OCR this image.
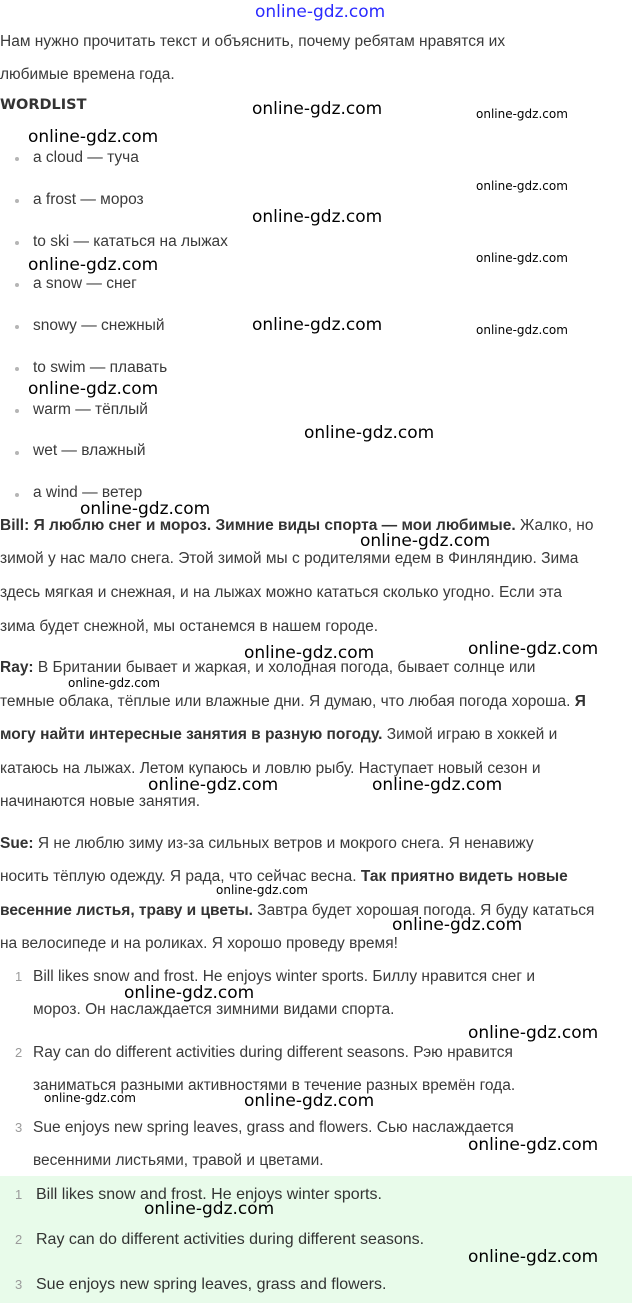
online-gdz.com
Нам нужно прочитать текст и объяснить, почему ребятам нравятся их
любимые времена года.
WORDLIST
a cloud — туча
a frost — мороз
to ski — кататься на лыжах
a snow — снег
snowy — снежный
to swim — плавать
warm — тёплый
wet — влажный
a wind — ветер
Bill: Я люблю снег и мороз. Зимние виды спорта — мои любимые. Жалко, но
зимой у нас мало снега. Этой зимой мы с родителями едем в Финляндию. Зима
здесь мягкая и снежная, и на лыжах можно кататься сколько угодно. Если эта
зима будет снежной, мы останемся в нашем городе.
Ray: В Британии бывает и жаркая, и холодная погода, бывает солнце или
темные облака, тёплые или влажные дни. Я думаю, что любая погода хороша. Я
могу найти интересные занятия в разную погоду. Зимой играю в хоккей и
катаюсь на лыжах. Летом купаюсь и ловлю рыбу. Наступает новый сезон и
начинаются новые занятия.
Sue: Я не люблю зиму из-за сильных ветров и мокрого снега. Я ненавижу
носить тёплую одежду. Я рада, что сейчас весна. Так приятно видеть новые
весенние листья, траву и цветы. Завтра будет хорошая погода. Я буду кататься
на велосипеде и на роликах. Я хорошо проведу время!
1 Bill likes snow and frost. He enjoys winter sports. Биллу нравится снег и
мороз. Он наслаждается зимними видами спорта.
2 Ray can do different activities during different seasons. Рэю нравится
заниматься разными активностями в течение разных времён года.
3 Sue enjoys new spring leaves, grass and flowers. Сью наслаждается
весенними листьями, травой и цветами.
1 Bill likes snow and frost. He enjoys winter sports.
2 Ray can do different activities during different seasons.
3 Sue enjoys new spring leaves, grass and flowers.
online-gdz.com	online-gdz.com
online-gdz.com
online-gdz.com
online-gdz.com
online-gdz.com
online-gdz.com
online-gdz.com	online-gdz.com
online-gdz.com
online-gdz.com
online-gdz.com
online-gdz.com
online-gdz.com	online-gdz.com
online-gdz.com
online-gdz.com	online-gdz.com
online-gdz.com
online-gdz.com
online-gdz.com
online-gdz.com
online-gdz.com	online-gdz.com
online-gdz.com
online-gdz.com
online-gdz.com
